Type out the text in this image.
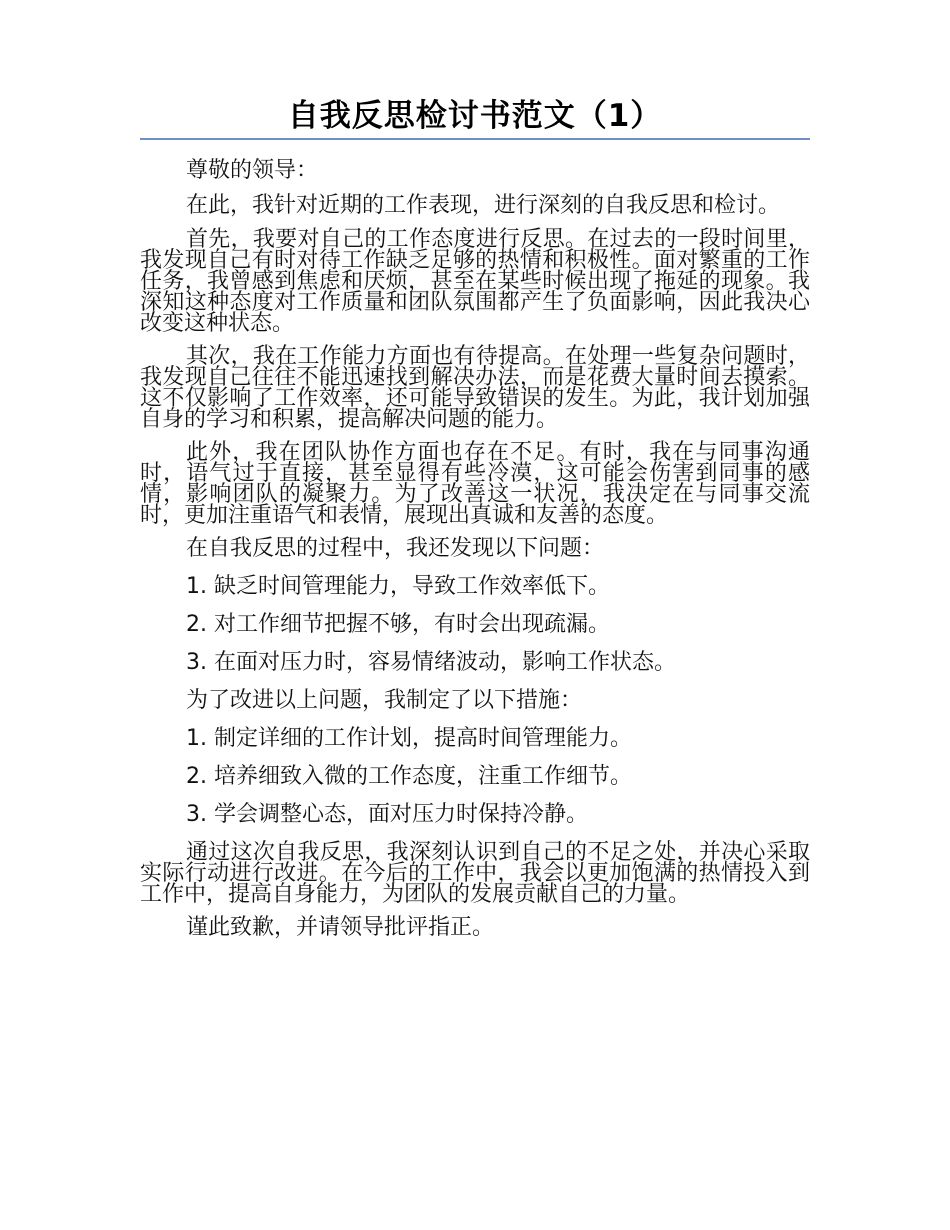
自我反思检讨书范文（1）

尊敬的领导：

在此，我针对近期的工作表现，进行深刻的自我反思和检讨。

首先，我要对自己的工作态度进行反思。在过去的一段时间里，我发现自己有时对待工作缺乏足够的热情和积极性。面对繁重的工作任务，我曾感到焦虑和厌烦，甚至在某些时候出现了拖延的现象。我深知这种态度对工作质量和团队氛围都产生了负面影响，因此我决心改变这种状态。

其次，我在工作能力方面也有待提高。在处理一些复杂问题时，我发现自己往往不能迅速找到解决办法，而是花费大量时间去摸索。这不仅影响了工作效率，还可能导致错误的发生。为此，我计划加强自身的学习和积累，提高解决问题的能力。

此外，我在团队协作方面也存在不足。有时，我在与同事沟通时，语气过于直接，甚至显得有些冷漠，这可能会伤害到同事的感情，影响团队的凝聚力。为了改善这一状况，我决定在与同事交流时，更加注重语气和表情，展现出真诚和友善的态度。

在自我反思的过程中，我还发现以下问题：

1. 缺乏时间管理能力，导致工作效率低下。

2. 对工作细节把握不够，有时会出现疏漏。

3. 在面对压力时，容易情绪波动，影响工作状态。

为了改进以上问题，我制定了以下措施：

1. 制定详细的工作计划，提高时间管理能力。

2. 培养细致入微的工作态度，注重工作细节。

3. 学会调整心态，面对压力时保持冷静。

通过这次自我反思，我深刻认识到自己的不足之处，并决心采取实际行动进行改进。在今后的工作中，我会以更加饱满的热情投入到工作中，提高自身能力，为团队的发展贡献自己的力量。

谨此致歉，并请领导批评指正。
